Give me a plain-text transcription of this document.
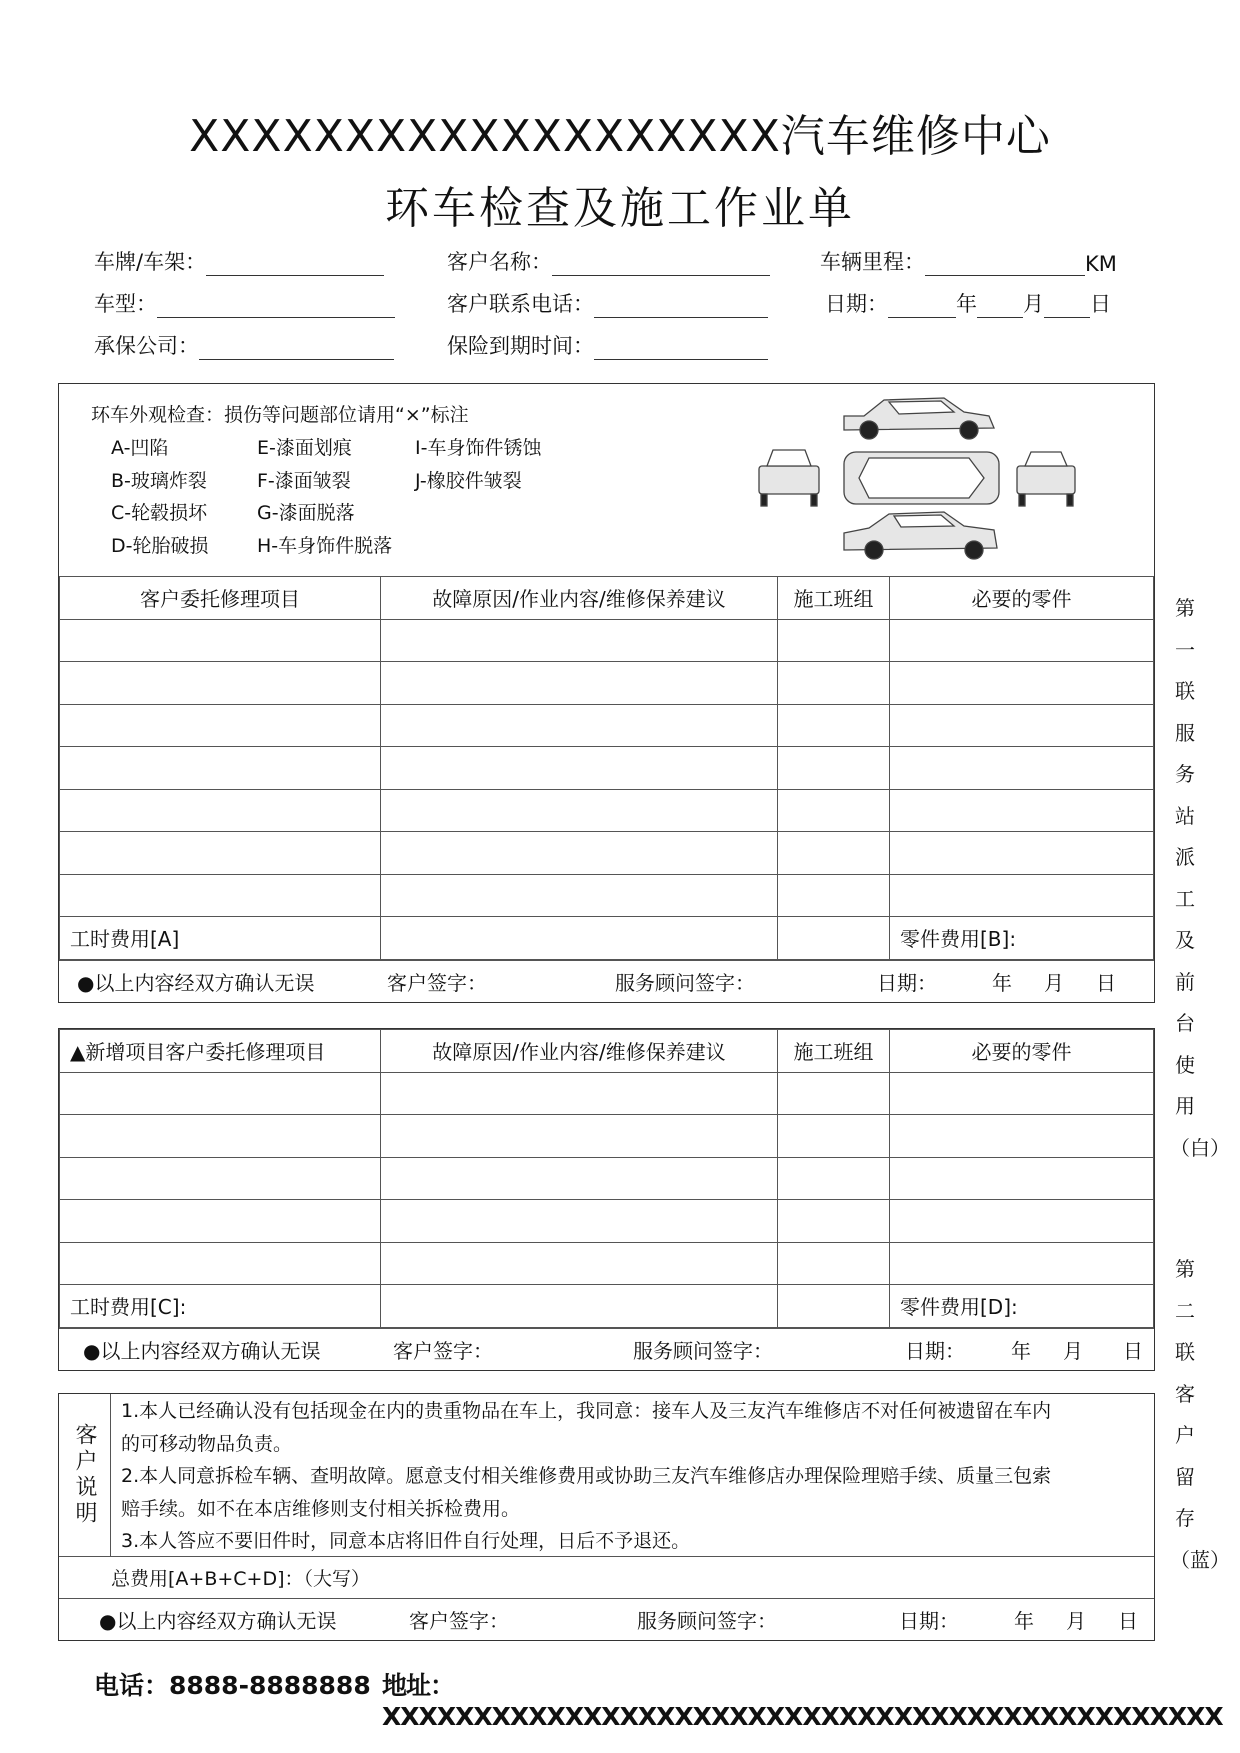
XXXXXXXXXXXXXXXXXXX汽车维修中心
环车检查及施工作业单
车牌/车架：	客户名称：	车辆里程：	KM
车型：	客户联系电话：	日期：	年 月 日
承保公司：	保险到期时间：
环车外观检查：损伤等问题部位请用“×”标注
A-凹陷	E-漆面划痕	I-车身饰件锈蚀
B-玻璃炸裂	F-漆面皱裂	J-橡胶件皱裂
C-轮毂损坏	G-漆面脱落
D-轮胎破损	H-车身饰件脱落
客户委托修理项目	故障原因/作业内容/维修保养建议	施工班组	必要的零件

工时费用[A]			零件费用[B]:
●以上内容经双方确认无误	客户签字：	服务顾问签字：	日期：	年	月	日
▲新增项目客户委托修理项目	故障原因/作业内容/维修保养建议	施工班组	必要的零件

工时费用[C]:			零件费用[D]:
●以上内容经双方确认无误	客户签字：	服务顾问签字：	日期：	年	月	日
客户说明
1.本人已经确认没有包括现金在内的贵重物品在车上，我同意：接车人及三友汽车维修店不对任何被遗留在车内
的可移动物品负责。
2.本人同意拆检车辆、查明故障。愿意支付相关维修费用或协助三友汽车维修店办理保险理赔手续、质量三包索
赔手续。如不在本店维修则支付相关拆检费用。
3.本人答应不要旧件时，同意本店将旧件自行处理，日后不予退还。
总费用[A+B+C+D]：（大写）
●以上内容经双方确认无误	客户签字：	服务顾问签字：	日期：	年	月	日
第一联服务站派工及前台使用（白）
第二联客户留存（蓝）
电话：8888-8888888 地址：XXXXXXXXXXXXXXXXXXXXXXXXXXXXXXXXXXXXXXXXXXXXXX
